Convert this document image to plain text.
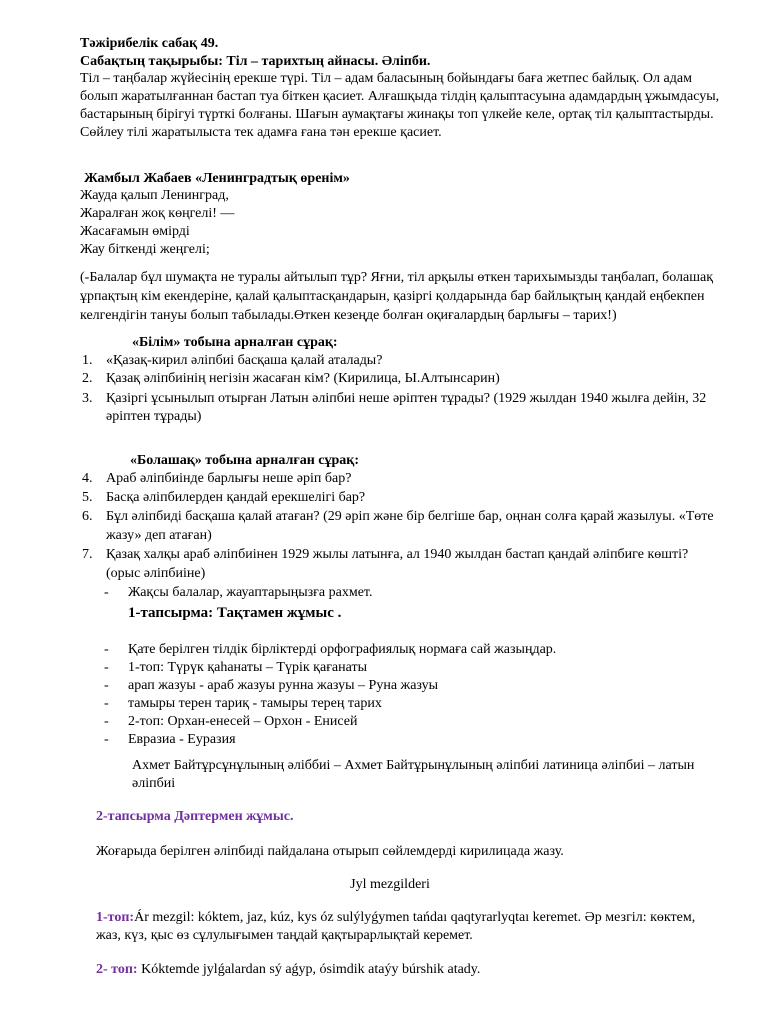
Тәжірибелік сабақ 49.

Сабақтың тақырыбы: Тіл – тарихтың айнасы. Әліпби.

Тіл – таңбалар жүйесінің ерекше түрі. Тіл – адам баласының бойындағы баға жетпес байлық. Ол адам болып жаратылғаннан бастап туа біткен қасиет. Алғашқыда тілдің қалыптасуына адамдардың ұжымдасуы, бастарының бірігуі түрткі болғаны. Шағын аумақтағы жинақы топ үлкейе келе, ортақ тіл қалыптастырды. Сөйлеу тілі жаратылыста тек адамға ғана тән ерекше қасиет.

Жамбыл Жабаев «Ленинградтық өренім»

Жауда қалып Ленинград,

Жаралған жоқ көңгелі! —

Жасағамын өмірді

Жау біткенді жеңгелі;

(-Балалар бұл шумақта не туралы айтылып тұр? Яғни, тіл арқылы өткен тарихымызды таңбалап, болашақ ұрпақтың кім екендеріне, қалай қалыптасқандарын, қазіргі қолдарында бар байлықтың қандай еңбекпен келгендігін тануы болып табылады.Өткен кезеңде болған оқиғалардың барлығы – тарих!)

«Білім» тобына арналған сұрақ:

1. «Қазақ-кирил әліпбиі басқаша қалай аталады?
2. Қазақ әліпбиінің негізін жасаған кім? (Кирилица, Ы.Алтынсарин)
3. Қазіргі ұсынылып отырған Латын әліпбиі неше әріптен тұрады? (1929 жылдан 1940 жылға дейін, 32 әріптен тұрады)

«Болашақ» тобына арналған сұрақ:

4. Араб әліпбиінде барлығы неше әріп бар?
5. Басқа әліпбилерден қандай ерекшелігі бар?
6. Бұл әліпбиді басқаша қалай атаған? (29 әріп және бір белгіше бар, оңнан солға қарай жазылуы. «Төте жазу» деп атаған)
7. Қазақ халқы араб әліпбиінен 1929 жылы латынға, ал 1940 жылдан бастап қандай әліпбиге көшті? (орыс әліпбиіне)
- Жақсы балалар, жауаптарыңызға рахмет.

1-тапсырма: Тақтамен жұмыс .

- Қате берілген тілдік бірліктерді орфографиялық нормаға сай жазыңдар.
- 1-топ: Түрүк қаһанаты – Түрік қағанаты
- арап жазуы - араб жазуы рунна жазуы – Руна жазуы
- тамыры терен тариқ - тамыры терең тарих
- 2-топ: Орхан-енесей – Орхон - Енисей
- Евразиа - Еуразия

Ахмет Байтұрсұнұлының әліббиі – Ахмет Байтұрынұлының әліпбиі латиница әліпбиі – латын әліпбиі

2-тапсырма Дәптермен жұмыс.

Жоғарыда берілген әліпбиді пайдалана отырып сөйлемдерді кирилицада жазу.

Jyl mezgilderi

1-топ:Ár mezgil: kóktem, jaz, kúz, kys óz sulýlyǵymen tańdaı qaqtyrarlyqtaı keremet. Әр мезгіл: көктем, жаз, күз, қыс өз сұлулығымен таңдай қақтырарлықтай керемет.

2- топ: Kóktemde jylǵalardan sý aǵyp, ósimdik ataýy búrshik atady.
